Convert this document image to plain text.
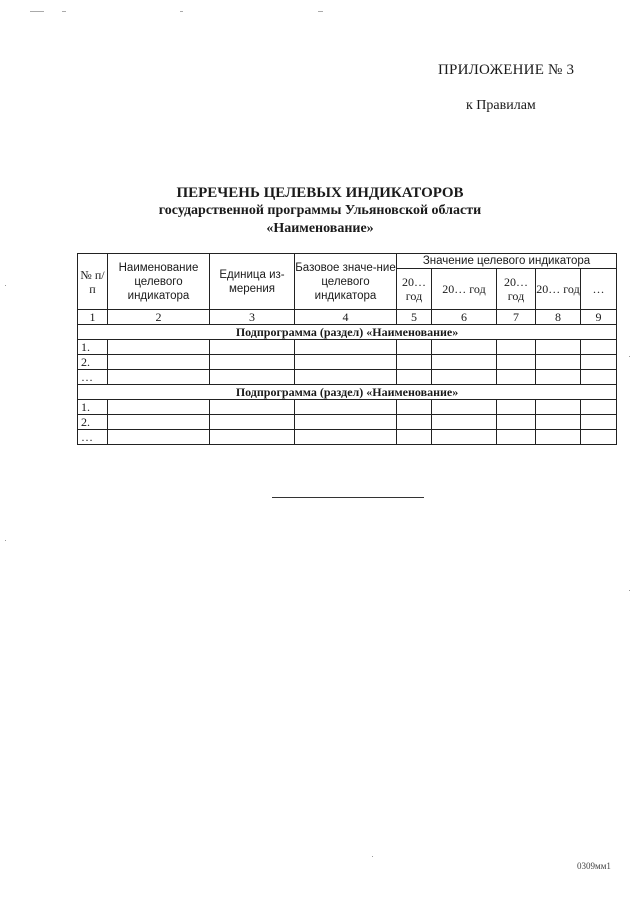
ПРИЛОЖЕНИЕ № 3
к Правилам
ПЕРЕЧЕНЬ ЦЕЛЕВЫХ ИНДИКАТОРОВ
государственной программы Ульяновской области
«Наименование»
№ п/п	Наименование целевого индикатора	Единица из-мерения	Базовое значе-ние целевого индикатора	Значение целевого индикатора				
				20… год	20… год	20… год	20… год	…
1	2	3	4	5	6	7	8	9
Подпрограмма (раздел) «Наименование»								
1.								
2.								
…								
Подпрограмма (раздел) «Наименование»								
1.								
2.								
…								
0309мм1
